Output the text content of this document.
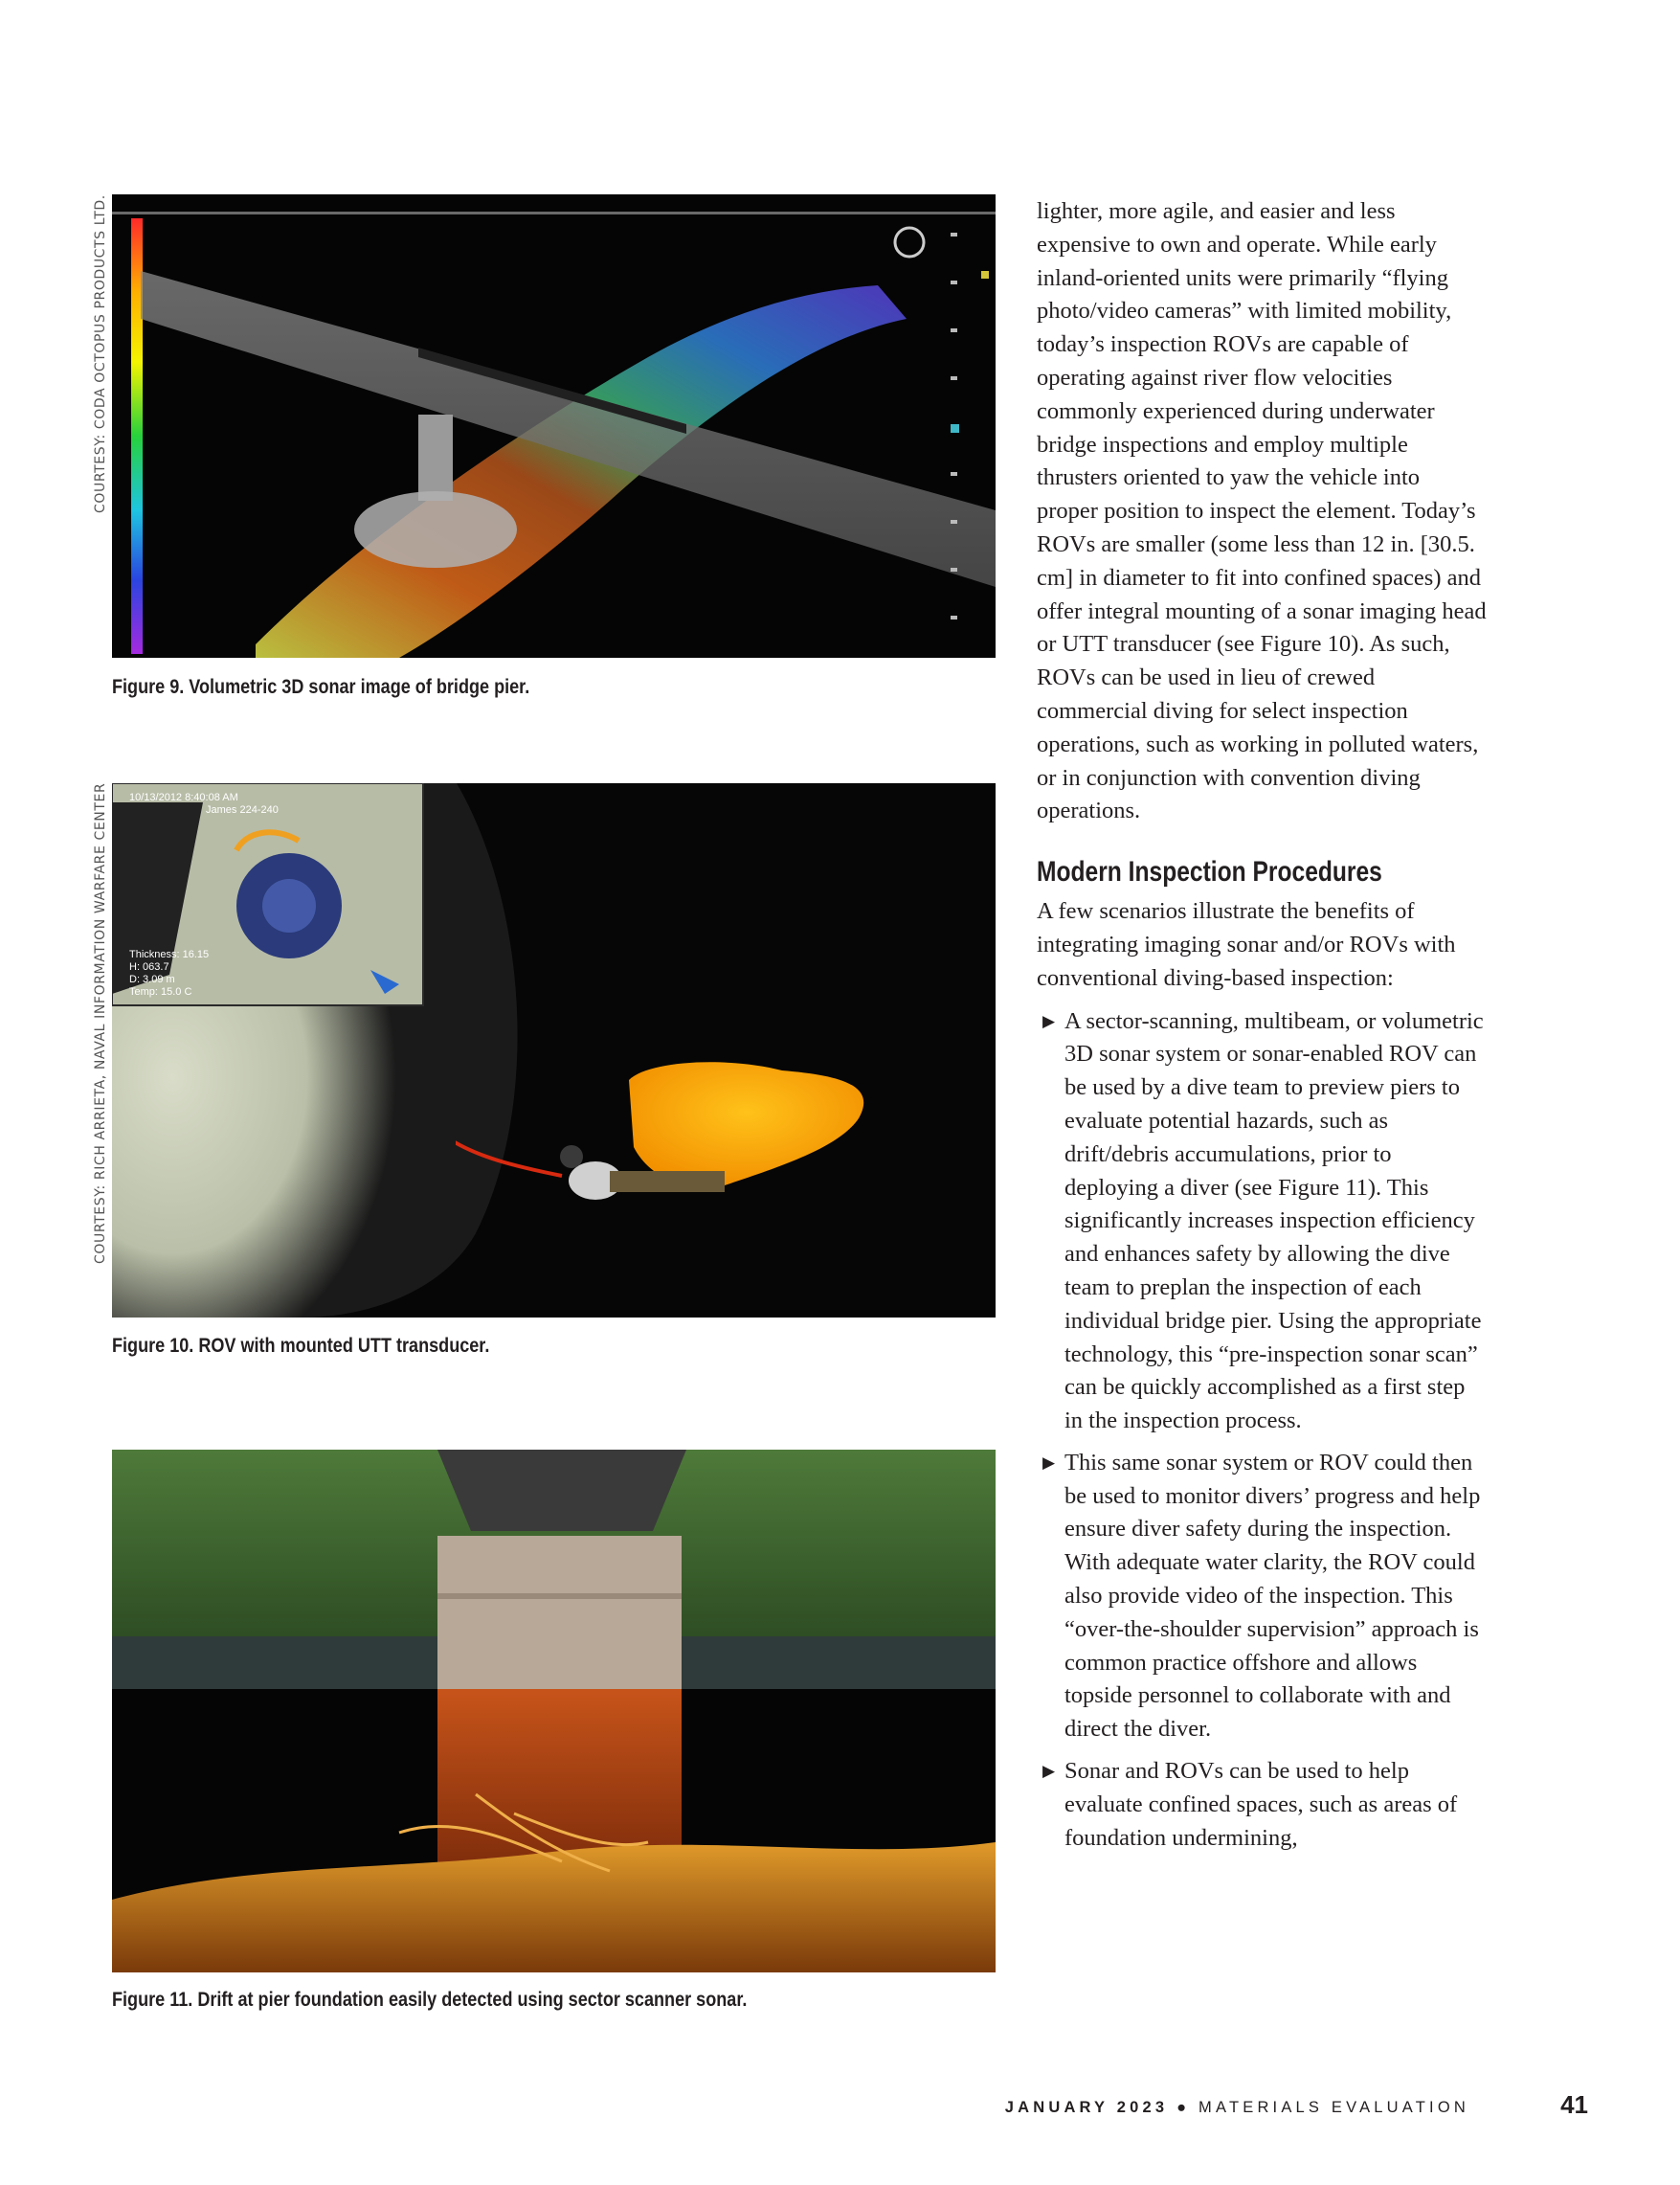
COURTESY: CODA OCTOPUS PRODUCTS LTD.
Figure 9. Volumetric 3D sonar image of bridge pier.
COURTESY: RICH ARRIETA, NAVAL INFORMATION WARFARE CENTER 10/13/2012 8:40:08 AM
James 224-240
Thickness: 16.15
H: 063.7
D: 3.09 m
Temp: 15.0 C
Figure 10. ROV with mounted UTT transducer.
Figure 11. Drift at pier foundation easily detected using sector scanner sonar.

lighter, more agile, and easier and less expensive to own and operate. While early inland-oriented units were primarily “flying photo/video cameras” with limited mobility, today’s inspection ROVs are capable of operating against river flow velocities commonly experienced during underwater bridge inspections and employ multiple thrusters oriented to yaw the vehicle into proper position to inspect the element. Today’s ROVs are smaller (some less than 12 in. [30.5. cm] in diameter to fit into confined spaces) and offer integral mounting of a sonar imaging head or UTT transducer (see Figure 10). As such, ROVs can be used in lieu of crewed commercial diving for select inspection operations, such as working in polluted waters, or in conjunction with convention diving operations.

Modern Inspection Procedures

A few scenarios illustrate the benefits of integrating imaging sonar and/or ROVs with conventional diving-based inspection:

▶ A sector-scanning, multibeam, or volumetric 3D sonar system or sonar-enabled ROV can be used by a dive team to preview piers to evaluate potential hazards, such as drift/debris accumulations, prior to deploying a diver (see Figure 11). This significantly increases inspection efficiency and enhances safety by allowing the dive team to preplan the inspection of each individual bridge pier. Using the appropriate technology, this “pre-inspection sonar scan” can be quickly accomplished as a first step in the inspection process.
▶ This same sonar system or ROV could then be used to monitor divers’ progress and help ensure diver safety during the inspection. With adequate water clarity, the ROV could also provide video of the inspection. This “over-the-shoulder supervision” approach is common practice offshore and allows topside personnel to collaborate with and direct the diver.
▶ Sonar and ROVs can be used to help evaluate confined spaces, such as areas of foundation undermining,
JANUARY 2023 ● MATERIALS EVALUATION	41
